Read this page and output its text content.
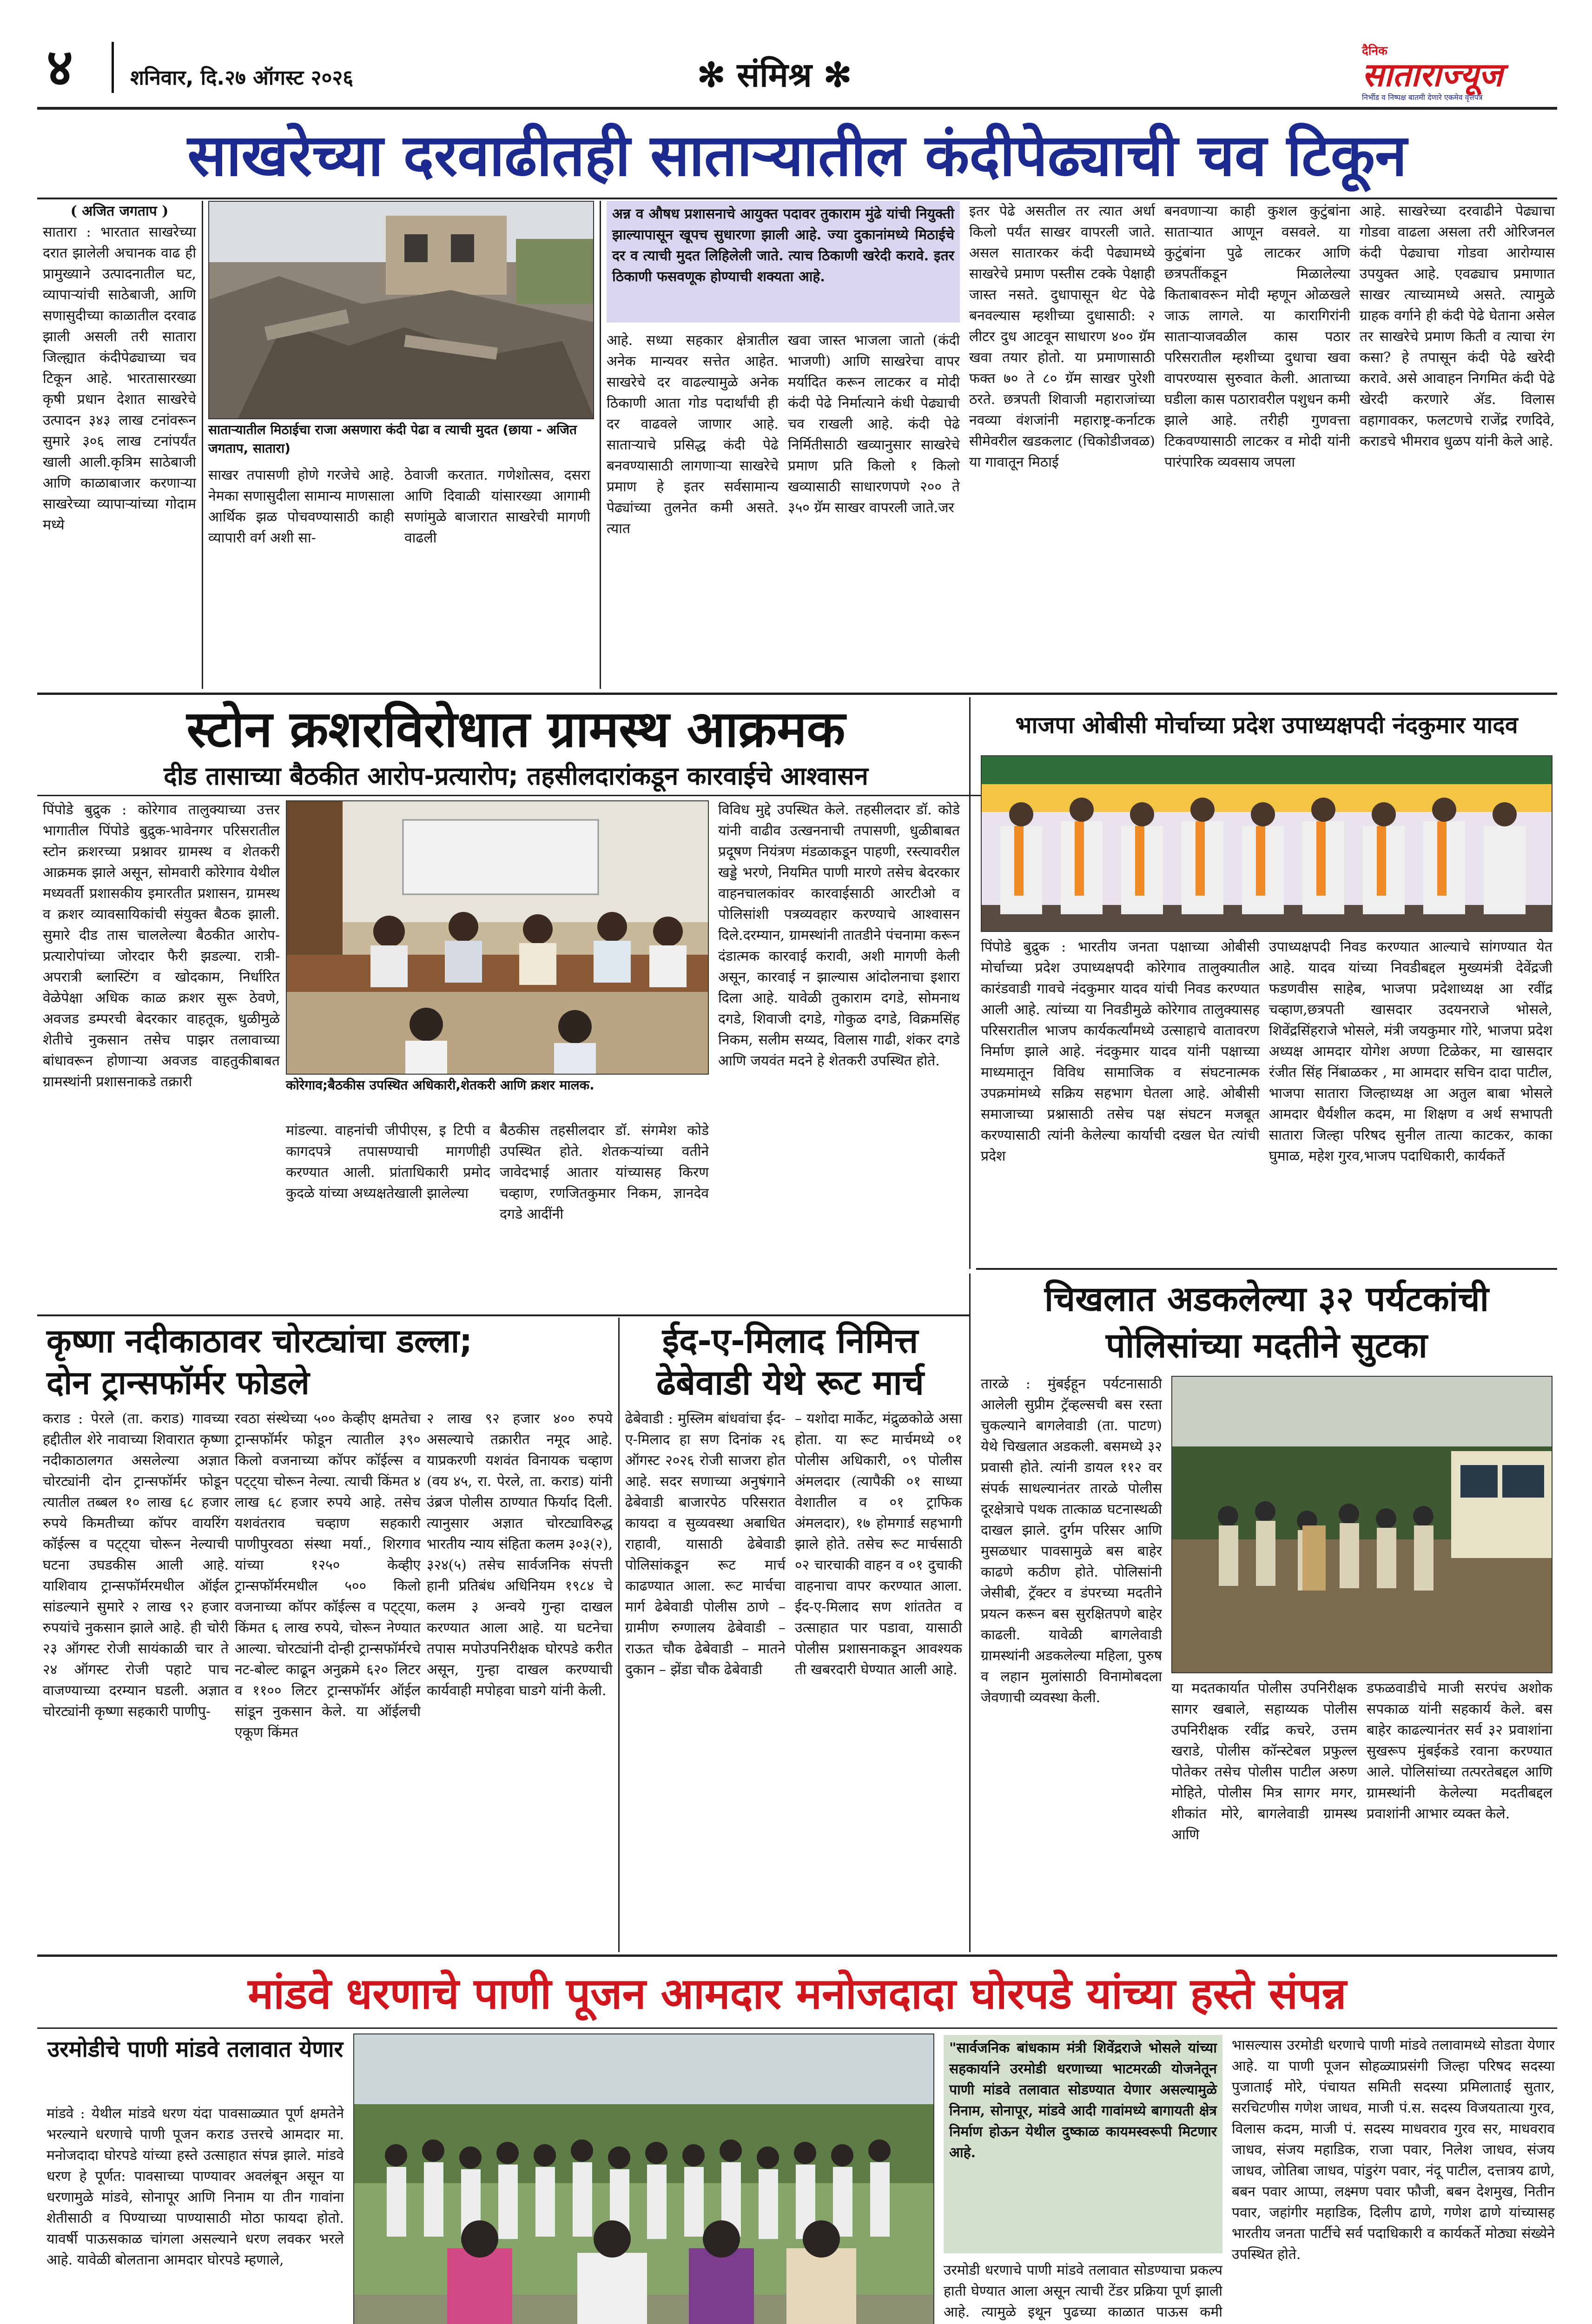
४	शनिवार, दि.२७ ऑगस्ट २०२६	✻ संमिश्र ✻
दैनिक
साताराज्यूज
निर्भीड व निष्पक्ष बातमी देणारे एकमेव वृत्तपत्र
साखरेच्या दरवाढीतही साताऱ्यातील कंदीपेढ्याची चव टिकून
( अजित जगताप )

सातारा : भारतात साखरेच्या दरात झालेली अचानक वाढ ही प्रामुख्याने उत्पादनातील घट, व्यापाऱ्यांची साठेबाजी, आणि सणासुदीच्या काळातील दरवाढ झाली असली तरी सातारा जिल्ह्यात कंदीपेढ्याच्या चव टिकून आहे. भारतासारख्या कृषी प्रधान देशात साखरेचे उत्पादन ३४३ लाख टनांवरून सुमारे ३०६ लाख टनांपर्यंत खाली आली.कृत्रिम साठेबाजी आणि काळाबाजार करणाऱ्या साखरेच्या व्यापाऱ्यांच्या गोदाम मध्ये

साताऱ्यातील मिठाईचा राजा असणारा कंदी पेढा व त्याची मुदत (छाया - अजित जगताप, सातारा)

साखर तपासणी होणे गरजेचे आहे. नेमका सणासुदीला सामान्य माणसाला आर्थिक झळ पोचवण्यासाठी काही व्यापारी वर्ग अशी सा-

ठेवाजी करतात. गणेशोत्सव, दसरा आणि दिवाळी यांसारख्या आगामी सणांमुळे बाजारात साखरेची मागणी वाढली

अन्न व औषध प्रशासनाचे आयुक्त पदावर तुकाराम मुंढे यांची नियुक्ती झाल्यापासून खूपच सुधारणा झाली आहे. ज्या दुकानांमध्ये मिठाईचे दर व त्याची मुदत लिहिलेली जाते. त्याच ठिकाणी खरेदी करावे. इतर ठिकाणी फसवणूक होण्याची शक्यता आहे.

आहे. सध्या सहकार क्षेत्रातील अनेक मान्यवर सत्तेत आहेत. साखरेचे दर वाढल्यामुळे अनेक ठिकाणी आता गोड पदार्थांची ही दर वाढवले जाणार आहे. साताऱ्याचे प्रसिद्ध कंदी पेढे बनवण्यासाठी लागणाऱ्या साखरेचे प्रमाण हे इतर सर्वसामान्य पेढ्यांच्या तुलनेत कमी असते. त्यात

खवा जास्त भाजला जातो (कंदी भाजणी) आणि साखरेचा वापर मर्यादित करून लाटकर व मोदी कंदी पेढे निर्मात्याने कंधी पेढ्याची चव राखली आहे. कंदी पेढे निर्मितीसाठी खव्यानुसार साखरेचे प्रमाण प्रति किलो १ किलो खव्यासाठी साधारणपणे २०० ते ३५० ग्रॅम साखर वापरली जाते.जर

इतर पेढे असतील तर त्यात अर्धा किलो पर्यंत साखर वापरली जाते. असल सातारकर कंदी पेढ्यामध्ये साखरेचे प्रमाण पस्तीस टक्के पेक्षाही जास्त नसते. दुधापासून थेट पेढे बनवल्यास म्हशीच्या दुधासाठी: २ लीटर दुध आटवून साधारण ४०० ग्रॅम खवा तयार होतो. या प्रमाणासाठी फक्त ७० ते ८० ग्रॅम साखर पुरेशी ठरते. छत्रपती शिवाजी महाराजांच्या नवव्या वंशजांनी महाराष्ट्र-कर्नाटक सीमेवरील खडकलाट (चिकोडीजवळ) या गावातून मिठाई

बनवणाऱ्या काही कुशल कुटुंबांना साताऱ्यात आणून वसवले. या कुटुंबांना पुढे लाटकर आणि छत्रपतींकडून मिळालेल्या किताबावरून मोदी म्हणून ओळखले जाऊ लागले. या कारागिरांनी साताऱ्याजवळील कास पठार परिसरातील म्हशीच्या दुधाचा खवा वापरण्यास सुरुवात केली. आताच्या घडीला कास पठारावरील पशुधन कमी झाले आहे. तरीही गुणवत्ता टिकवण्यासाठी लाटकर व मोदी यांनी पारंपारिक व्यवसाय जपला

आहे. साखरेच्या दरवाढीने पेढ्याचा गोडवा वाढला असला तरी ओरिजनल कंदी पेढ्याचा गोडवा आरोग्यास उपयुक्त आहे. एवढ्याच प्रमाणात साखर त्याच्यामध्ये असते. त्यामुळे ग्राहक वर्गाने ही कंदी पेढे घेताना असेल तर साखरेचे प्रमाण किती व त्याचा रंग कसा? हे तपासून कंदी पेढे खरेदी करावे. असे आवाहन निगमित कंदी पेढे खेरदी करणारे ॲड. विलास वहागावकर, फलटणचे राजेंद्र रणदिवे, कराडचे भीमराव धुळप यांनी केले आहे.

स्टोन क्रशरविरोधात ग्रामस्थ आक्रमक
दीड तासाच्या बैठकीत आरोप-प्रत्यारोप; तहसीलदारांकडून कारवाईचे आश्वासन

पिंपोडे बुद्रुक : कोरेगाव तालुक्याच्या उत्तर भागातील पिंपोडे बुद्रुक-भावेनगर परिसरातील स्टोन क्रशरच्या प्रश्नावर ग्रामस्थ व शेतकरी आक्रमक झाले असून, सोमवारी कोरेगाव येथील मध्यवर्ती प्रशासकीय इमारतीत प्रशासन, ग्रामस्थ व क्रशर व्यावसायिकांची संयुक्त बैठक झाली. सुमारे दीड तास चाललेल्या बैठकीत आरोप-प्रत्यारोपांच्या जोरदार फैरी झडल्या. रात्री-अपरात्री ब्लास्टिंग व खोदकाम, निर्धारित वेळेपेक्षा अधिक काळ क्रशर सुरू ठेवणे, अवजड डम्परची बेदरकार वाहतूक, धुळीमुळे शेतीचे नुकसान तसेच पाझर तलावाच्या बांधावरून होणाऱ्या अवजड वाहतुकीबाबत ग्रामस्थांनी प्रशासनाकडे तक्रारी	कोरेगाव;बैठकीस उपस्थित अधिकारी,शेतकरी आणि क्रशर मालक.

मांडल्या. वाहनांची जीपीएस, इ टिपी व कागदपत्रे तपासण्याची मागणीही करण्यात आली. प्रांताधिकारी प्रमोद कुदळे यांच्या अध्यक्षतेखाली झालेल्या

बैठकीस तहसीलदार डॉ. संगमेश कोडे उपस्थित होते. शेतकऱ्यांच्या वतीने जावेदभाई आतार यांच्यासह किरण चव्हाण, रणजितकुमार निकम, ज्ञानदेव दगडे आदींनी

विविध मुद्दे उपस्थित केले. तहसीलदार डॉ. कोडे यांनी वाढीव उत्खननाची तपासणी, धुळीबाबत प्रदूषण नियंत्रण मंडळाकडून पाहणी, रस्त्यावरील खड्डे भरणे, नियमित पाणी मारणे तसेच बेदरकार वाहनचालकांवर कारवाईसाठी आरटीओ व पोलिसांशी पत्रव्यवहार करण्याचे आश्वासन दिले.दरम्यान, ग्रामस्थांनी तातडीने पंचनामा करून दंडात्मक कारवाई करावी, अशी मागणी केली असून, कारवाई न झाल्यास आंदोलनाचा इशारा दिला आहे. यावेळी तुकाराम दगडे, सोमनाथ दगडे, शिवाजी दगडे, गोकुळ दगडे, विक्रमसिंह निकम, सलीम सय्यद, विलास गाढी, शंकर दगडे आणि जयवंत मदने हे शेतकरी उपस्थित होते.

भाजपा ओबीसी मोर्चाच्या प्रदेश उपाध्यक्षपदी नंदकुमार यादव

पिंपोडे बुद्रुक : भारतीय जनता पक्षाच्या ओबीसी मोर्चाच्या प्रदेश उपाध्यक्षपदी कोरेगाव तालुक्यातील कारंडवाडी गावचे नंदकुमार यादव यांची निवड करण्यात आली आहे. त्यांच्या या निवडीमुळे कोरेगाव तालुक्यासह परिसरातील भाजप कार्यकर्त्यांमध्ये उत्साहाचे वातावरण निर्माण झाले आहे. नंदकुमार यादव यांनी पक्षाच्या माध्यमातून विविध सामाजिक व संघटनात्मक उपक्रमांमध्ये सक्रिय सहभाग घेतला आहे. ओबीसी समाजाच्या प्रश्नासाठी तसेच पक्ष संघटन मजबूत करण्यासाठी त्यांनी केलेल्या कार्याची दखल घेत त्यांची प्रदेश

उपाध्यक्षपदी निवड करण्यात आल्याचे सांगण्यात येत आहे. यादव यांच्या निवडीबद्दल मुख्यमंत्री देवेंद्रजी फडणवीस साहेब, भाजपा प्रदेशाध्यक्ष आ रवींद्र चव्हाण,छत्रपती खासदार उदयनराजे भोसले, शिवेंद्रसिंहराजे भोसले, मंत्री जयकुमार गोरे, भाजपा प्रदेश अध्यक्ष आमदार योगेश अण्णा टिळेकर, मा खासदार रंजीत सिंह निंबाळकर , मा आमदार सचिन दादा पाटील, भाजपा सातारा जिल्हाध्यक्ष आ अतुल बाबा भोसले आमदार धैर्यशील कदम, मा शिक्षण व अर्थ सभापती सातारा जिल्हा परिषद सुनील तात्या काटकर, काका घुमाळ, महेश गुरव,भाजप पदाधिकारी, कार्यकर्ते

कृष्णा नदीकाठावर चोरट्यांचा डल्ला;
दोन ट्रान्सफॉर्मर फोडले

कराड : पेरले (ता. कराड) गावच्या हद्दीतील शेरे नावाच्या शिवारात कृष्णा नदीकाठालगत असलेल्या अज्ञात चोरट्यांनी दोन ट्रान्सफॉर्मर फोडून त्यातील तब्बल १० लाख ६८ हजार रुपये किमतीच्या कॉपर वायरिंग कॉईल्स व पट्ट्या चोरून नेल्याची घटना उघडकीस आली आहे. याशिवाय ट्रान्सफॉर्मरमधील ऑईल सांडल्याने सुमारे २ लाख ९२ हजार रुपयांचे नुकसान झाले आहे. ही चोरी २३ ऑगस्ट रोजी सायंकाळी चार ते २४ ऑगस्ट रोजी पहाटे पाच वाजण्याच्या दरम्यान घडली. अज्ञात चोरट्यांनी कृष्णा सहकारी पाणीपु-

रवठा संस्थेच्या ५०० केव्हीए क्षमतेचा ट्रान्सफॉर्मर फोडून त्यातील ३९० किलो वजनाच्या कॉपर कॉईल्स व पट्ट्या चोरून नेल्या. त्याची किंमत ४ लाख ६८ हजार रुपये आहे. तसेच यशवंतराव चव्हाण सहकारी पाणीपुरवठा संस्था मर्या., शिरगाव यांच्या १२५० केव्हीए ट्रान्सफॉर्मरमधील ५०० किलो वजनाच्या कॉपर कॉईल्स व पट्ट्या, किंमत ६ लाख रुपये, चोरून नेण्यात आल्या. चोरट्यांनी दोन्ही ट्रान्सफॉर्मरचे नट-बोल्ट काढून अनुक्रमे ६२० लिटर व ११०० लिटर ट्रान्सफॉर्मर ऑईल सांडून नुकसान केले. या ऑईलची एकूण किंमत

२ लाख ९२ हजार ४०० रुपये असल्याचे तक्रारीत नमूद आहे. याप्रकरणी यशवंत विनायक चव्हाण (वय ४५, रा. पेरले, ता. कराड) यांनी उंब्रज पोलीस ठाण्यात फिर्याद दिली. त्यानुसार अज्ञात चोरट्याविरुद्ध भारतीय न्याय संहिता कलम ३०३(२), ३२४(५) तसेच सार्वजनिक संपत्ती हानी प्रतिबंध अधिनियम १९८४ चे कलम ३ अन्वये गुन्हा दाखल करण्यात आला आहे. या घटनेचा तपास मपोउपनिरीक्षक घोरपडे करीत असून, गुन्हा दाखल करण्याची कार्यवाही मपोहवा घाडगे यांनी केली.

ईद-ए-मिलाद निमित्त
ढेबेवाडी येथे रूट मार्च

ढेबेवाडी : मुस्लिम बांधवांचा ईद-ए-मिलाद हा सण दिनांक २६ ऑगस्ट २०२६ रोजी साजरा होत आहे. सदर सणाच्या अनुषंगाने ढेबेवाडी बाजारपेठ परिसरात कायदा व सुव्यवस्था अबाधित राहावी, यासाठी ढेबेवाडी पोलिसांकडून रूट मार्च काढण्यात आला. रूट मार्चचा मार्ग ढेबेवाडी पोलीस ठाणे – ग्रामीण रुग्णालय ढेबेवाडी – राऊत चौक ढेबेवाडी – मातने दुकान – झेंडा चौक ढेबेवाडी

– यशोदा मार्केट, मंद्रुळकोळे असा होता. या रूट मार्चमध्ये ०१ पोलीस अधिकारी, ०९ पोलीस अंमलदार (त्यापैकी ०१ साध्या वेशातील व ०१ ट्राफिक अंमलदार), १७ होमगार्ड सहभागी झाले होते. तसेच रूट मार्चसाठी ०२ चारचाकी वाहन व ०१ दुचाकी वाहनाचा वापर करण्यात आला. ईद-ए-मिलाद सण शांततेत व उत्साहात पार पडावा, यासाठी पोलीस प्रशासनाकडून आवश्यक ती खबरदारी घेण्यात आली आहे.

चिखलात अडकलेल्या ३२ पर्यटकांची
पोलिसांच्या मदतीने सुटका

तारळे : मुंबईहून पर्यटनासाठी आलेली सुप्रीम ट्रॅव्हल्सची बस रस्ता चुकल्याने बागलेवाडी (ता. पाटण) येथे चिखलात अडकली. बसमध्ये ३२ प्रवासी होते. त्यांनी डायल ११२ वर संपर्क साधल्यानंतर तारळे पोलीस दूरक्षेत्राचे पथक तात्काळ घटनास्थळी दाखल झाले. दुर्गम परिसर आणि मुसळधार पावसामुळे बस बाहेर काढणे कठीण होते. पोलिसांनी जेसीबी, ट्रॅक्टर व डंपरच्या मदतीने प्रयत्न करून बस सुरक्षितपणे बाहेर काढली. यावेळी बागलेवाडी ग्रामस्थांनी अडकलेल्या महिला, पुरुष व लहान मुलांसाठी विनामोबदला जेवणाची व्यवस्था केली.

या मदतकार्यात पोलीस उपनिरीक्षक सागर खबाले, सहाय्यक पोलीस उपनिरीक्षक रवींद्र कचरे, उत्तम खराडे, पोलीस कॉन्स्टेबल प्रफुल्ल पोतेकर तसेच पोलीस पाटील अरुण मोहिते, पोलीस मित्र सागर मगर, शीकांत मोरे, बागलेवाडी ग्रामस्थ आणि

डफळवाडीचे माजी सरपंच अशोक सपकाळ यांनी सहकार्य केले. बस बाहेर काढल्यानंतर सर्व ३२ प्रवाशांना सुखरूप मुंबईकडे रवाना करण्यात आले. पोलिसांच्या तत्परतेबद्दल आणि ग्रामस्थांनी केलेल्या मदतीबद्दल प्रवाशांनी आभार व्यक्त केले.

मांडवे धरणाचे पाणी पूजन आमदार मनोजदादा घोरपडे यांच्या हस्ते संपन्न
उरमोडीचे पाणी मांडवे तलावात येणार

मांडवे : येथील मांडवे धरण यंदा पावसाळ्यात पूर्ण क्षमतेने भरल्याने धरणाचे पाणी पूजन कराड उत्तरचे आमदार मा. मनोजदादा घोरपडे यांच्या हस्ते उत्साहात संपन्न झाले. मांडवे धरण हे पूर्णत: पावसाच्या पाण्यावर अवलंबून असून या धरणामुळे मांडवे, सोनापूर आणि निनाम या तीन गावांना शेतीसाठी व पिण्याच्या पाण्यासाठी मोठा फायदा होतो. यावर्षी पाऊसकाळ चांगला असल्याने धरण लवकर भरले आहे. यावेळी बोलताना आमदार घोरपडे म्हणाले,

"सार्वजनिक बांधकाम मंत्री शिवेंद्रराजे भोसले यांच्या सहकार्याने उरमोडी धरणाच्या भाटमरळी योजनेतून पाणी मांडवे तलावात सोडण्यात येणार असल्यामुळे निनाम, सोनापूर, मांडवे आदी गावांमध्ये बागायती क्षेत्र निर्माण होऊन येथील दुष्काळ कायमस्वरूपी मिटणार आहे.

उरमोडी धरणाचे पाणी मांडवे तलावात सोडण्याचा प्रकल्प हाती घेण्यात आला असून त्याची टेंडर प्रक्रिया पूर्ण झाली आहे. त्यामुळे इथून पुढच्या काळात पाऊस कमी

भासल्यास उरमोडी धरणाचे पाणी मांडवे तलावामध्ये सोडता येणार आहे. या पाणी पूजन सोहळ्याप्रसंगी जिल्हा परिषद सदस्या पुजाताई मोरे, पंचायत समिती सदस्या प्रमिलाताई सुतार, सरचिटणीस गणेश जाधव, माजी पं.स. सदस्य विजयतात्या गुरव, विलास कदम, माजी पं. सदस्य माधवराव गुरव सर, माधवराव जाधव, संजय महाडिक, राजा पवार, निलेश जाधव, संजय जाधव, जोतिबा जाधव, पांडुरंग पवार, नंदू पाटील, दत्तात्रय ढाणे, बबन पवार आप्पा, लक्ष्मण पवार फौजी, बबन देशमुख, नितीन पवार, जहांगीर महाडिक, दिलीप ढाणे, गणेश ढाणे यांच्यासह भारतीय जनता पार्टीचे सर्व पदाधिकारी व कार्यकर्ते मोठ्या संख्येने उपस्थित होते.
